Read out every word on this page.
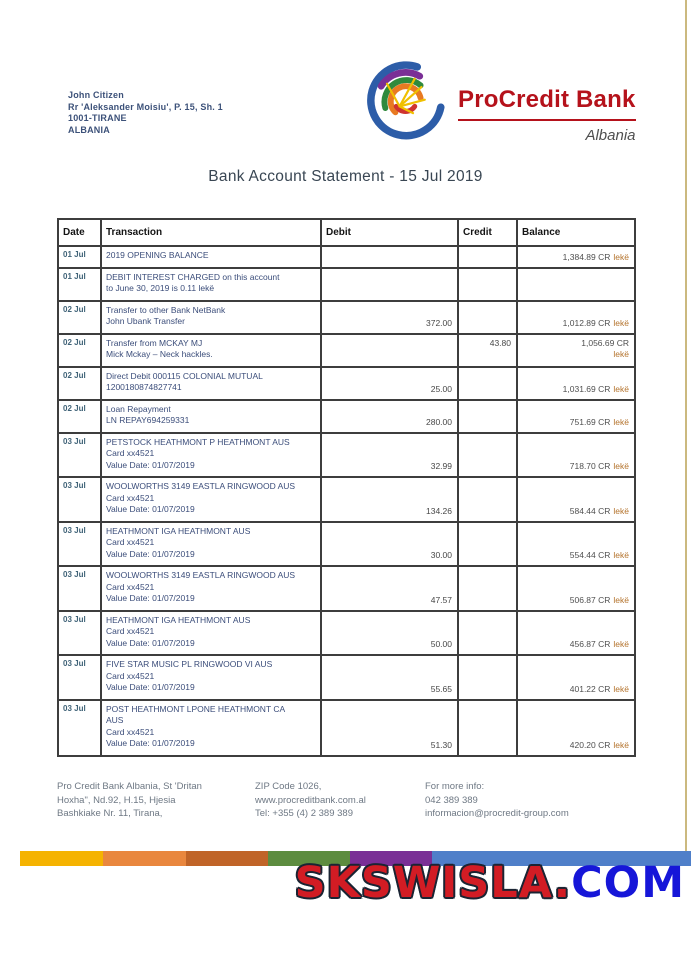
John Citizen
Rr 'Aleksander Moisiu', P. 15, Sh. 1
1001-TIRANE
ALBANIA
ProCredit Bank
Albania
Bank Account Statement - 15 Jul 2019
Date	Transaction	Debit	Credit	Balance
01 Jul	2019 OPENING BALANCE			1,384.89 CR lekë
01 Jul	DEBIT INTEREST CHARGED on this account
to June 30, 2019 is 0.11 lekë			

02 Jul	Transfer to other Bank NetBank
John Ubank Transfer	372.00		1,012.89 CR lekë
02 Jul	Transfer from MCKAY MJ
Mick Mckay – Neck hackles.
		43.80	1,056.69 CR
lekë

02 Jul	Direct Debit 000115 COLONIAL MUTUAL
1200180874827741	25.00		1,031.69 CR lekë
02 Jul	Loan Repayment
LN REPAY694259331	280.00		751.69 CR lekë
03 Jul	PETSTOCK HEATHMONT P HEATHMONT AUS
Card xx4521
Value Date: 01/07/2019	32.99		718.70 CR lekë
03 Jul	WOOLWORTHS 3149 EASTLA RINGWOOD AUS
Card xx4521
Value Date: 01/07/2019	134.26		584.44 CR lekë
03 Jul	HEATHMONT IGA HEATHMONT AUS
Card xx4521
Value Date: 01/07/2019	30.00		554.44 CR lekë
03 Jul	WOOLWORTHS 3149 EASTLA RINGWOOD AUS
Card xx4521
Value Date: 01/07/2019	47.57		506.87 CR lekë
03 Jul	HEATHMONT IGA HEATHMONT AUS
Card xx4521
Value Date: 01/07/2019	50.00		456.87 CR lekë
03 Jul	FIVE STAR MUSIC PL RINGWOOD VI AUS
Card xx4521
Value Date: 01/07/2019	55.65		401.22 CR lekë
03 Jul	POST HEATHMONT LPONE HEATHMONT CA
AUS
Card xx4521
Value Date: 01/07/2019	51.30		420.20 CR lekë
Pro Credit Bank Albania, St 'Dritan
Hoxha", Nd.92, H.15, Hjesia
Bashkiake Nr. 11, Tirana,
ZIP Code 1026,
www.procreditbank.com.al
Tel: +355 (4) 2 389 389
For more info:
042 389 389
informacion@procredit-group.com
SKSWISLA.COM
